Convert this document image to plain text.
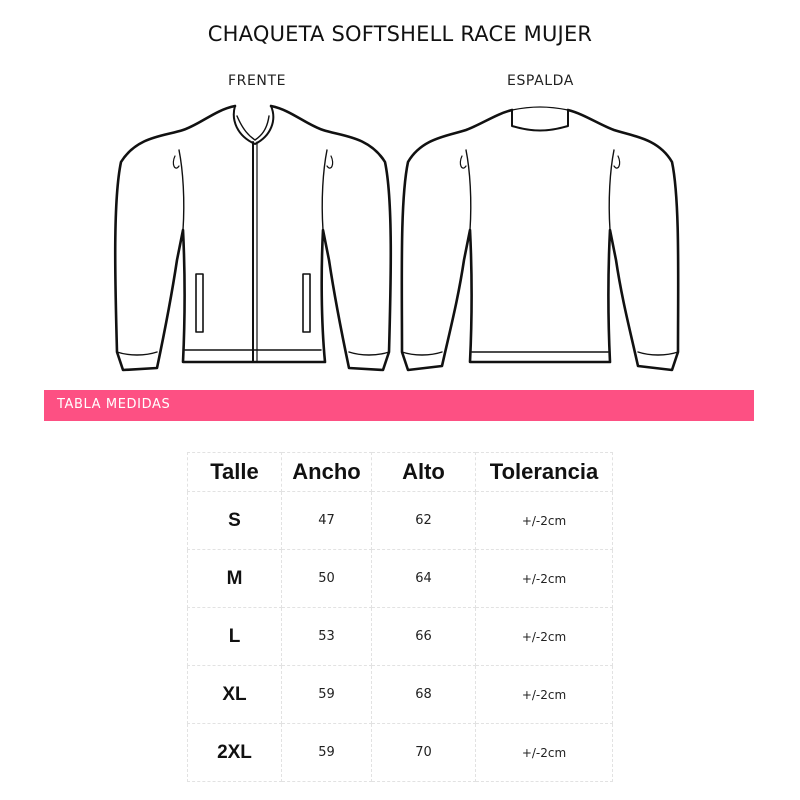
CHAQUETA SOFTSHELL RACE MUJER
FRENTE	ESPALDA
TABLA MEDIDAS
Talle	Ancho	Alto	Tolerancia
S	47	62	+/-2cm
M	50	64	+/-2cm
L	53	66	+/-2cm
XL	59	68	+/-2cm
2XL	59	70	+/-2cm
